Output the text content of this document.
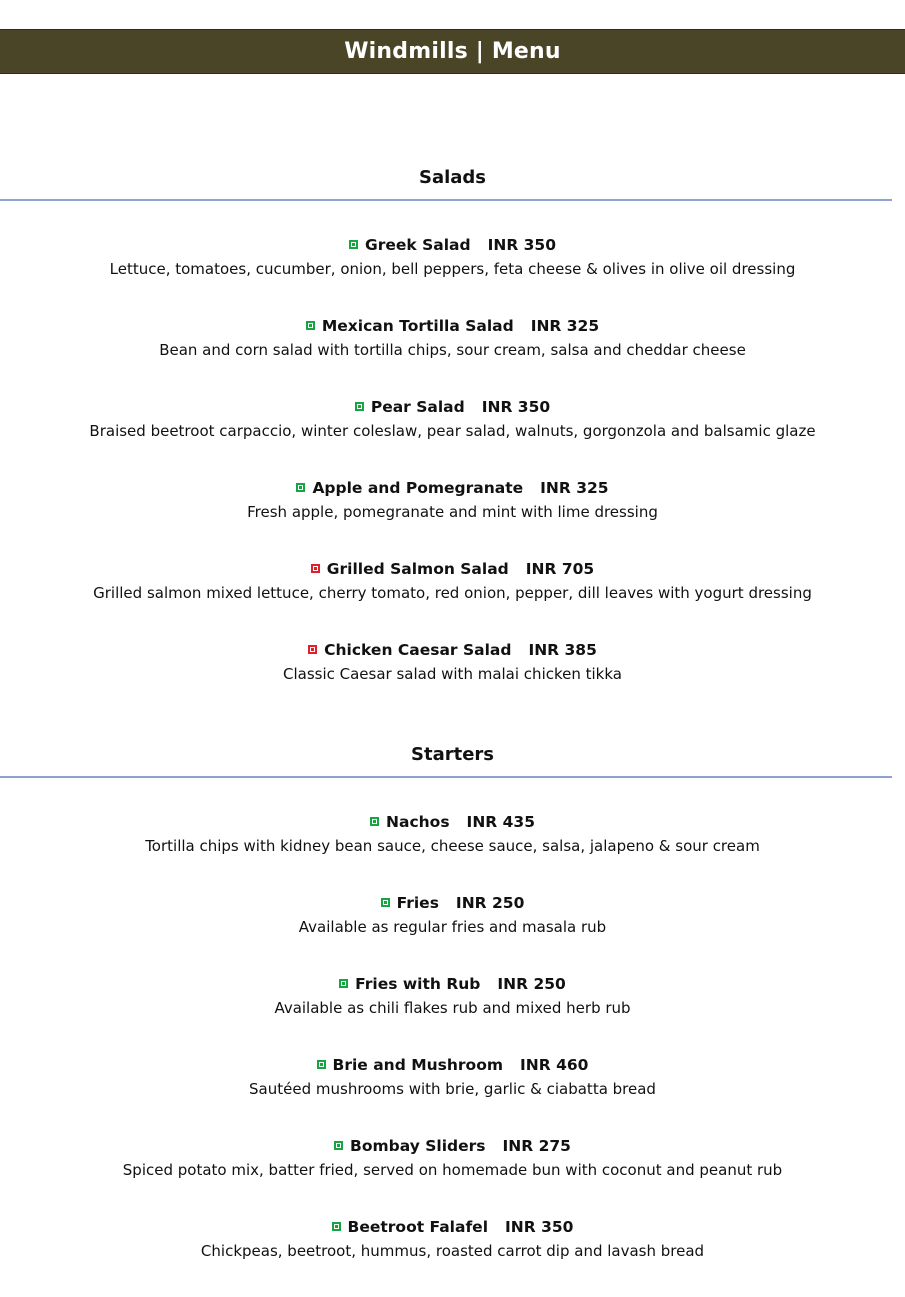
Windmills | Menu
Salads
Greek Salad INR 350
Lettuce, tomatoes, cucumber, onion, bell peppers, feta cheese & olives in olive oil dressing
Mexican Tortilla Salad INR 325
Bean and corn salad with tortilla chips, sour cream, salsa and cheddar cheese
Pear Salad INR 350
Braised beetroot carpaccio, winter coleslaw, pear salad, walnuts, gorgonzola and balsamic glaze
Apple and Pomegranate INR 325
Fresh apple, pomegranate and mint with lime dressing
Grilled Salmon Salad INR 705
Grilled salmon mixed lettuce, cherry tomato, red onion, pepper, dill leaves with yogurt dressing
Chicken Caesar Salad INR 385
Classic Caesar salad with malai chicken tikka
Starters
Nachos INR 435
Tortilla chips with kidney bean sauce, cheese sauce, salsa, jalapeno & sour cream
Fries INR 250
Available as regular fries and masala rub
Fries with Rub INR 250
Available as chili flakes rub and mixed herb rub
Brie and Mushroom INR 460
Sautéed mushrooms with brie, garlic & ciabatta bread
Bombay Sliders INR 275
Spiced potato mix, batter fried, served on homemade bun with coconut and peanut rub
Beetroot Falafel INR 350
Chickpeas, beetroot, hummus, roasted carrot dip and lavash bread
